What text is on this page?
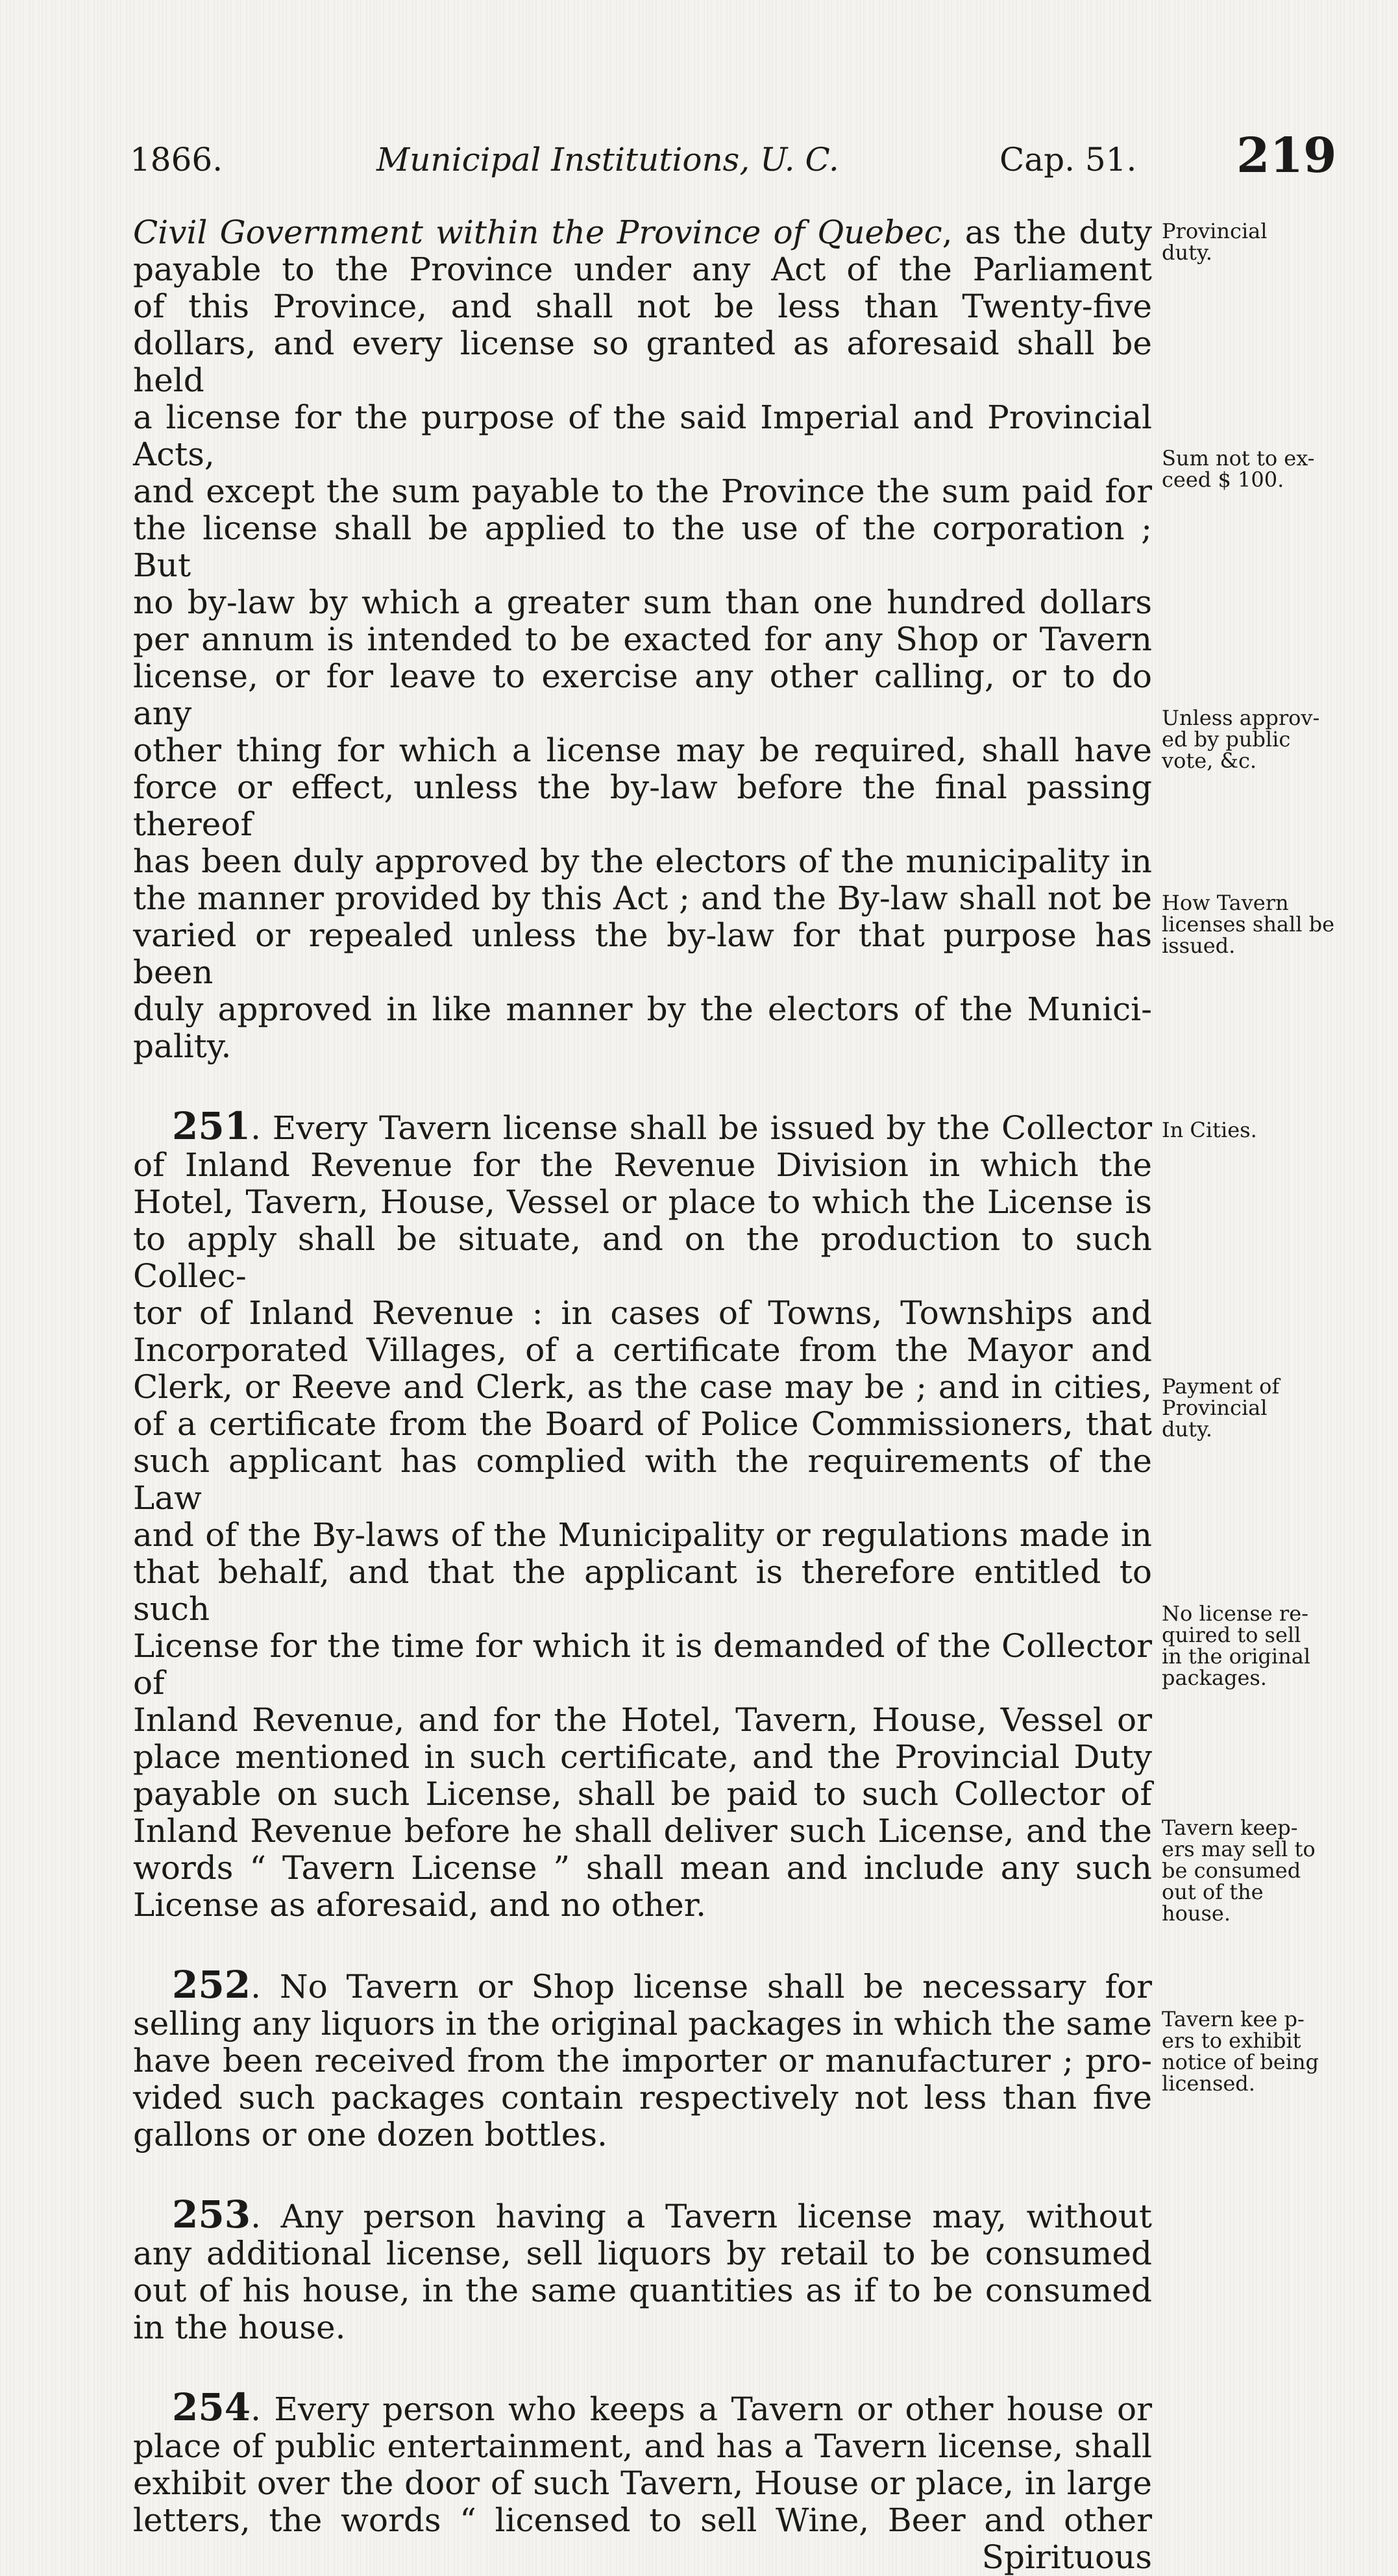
1866.	Municipal Institutions, U. C.	Cap. 51. 219

Civil Government within the Province of Quebec, as the duty

payable to the Province under any Act of the Parliament

of this Province, and shall not be less than Twenty-five

dollars, and every license so granted as aforesaid shall be held

a license for the purpose of the said Imperial and Provincial Acts,

and except the sum payable to the Province the sum paid for

the license shall be applied to the use of the corporation ; But

no by-law by which a greater sum than one hundred dollars

per annum is intended to be exacted for any Shop or Tavern

license, or for leave to exercise any other calling, or to do any

other thing for which a license may be required, shall have

force or effect, unless the by-law before the final passing thereof

has been duly approved by the electors of the municipality in

the manner provided by this Act ; and the By-law shall not be

varied or repealed unless the by-law for that purpose has been

duly approved in like manner by the electors of the Munici-

pality.

251. Every Tavern license shall be issued by the Collector

of Inland Revenue for the Revenue Division in which the

Hotel, Tavern, House, Vessel or place to which the License is

to apply shall be situate, and on the production to such Collec-

tor of Inland Revenue : in cases of Towns, Townships and

Incorporated Villages, of a certificate from the Mayor and

Clerk, or Reeve and Clerk, as the case may be ; and in cities,

of a certificate from the Board of Police Commissioners, that

such applicant has complied with the requirements of the Law

and of the By-laws of the Municipality or regulations made in

that behalf, and that the applicant is therefore entitled to such

License for the time for which it is demanded of the Collector of

Inland Revenue, and for the Hotel, Tavern, House, Vessel or

place mentioned in such certificate, and the Provincial Duty

payable on such License, shall be paid to such Collector of

Inland Revenue before he shall deliver such License, and the

words “ Tavern License ” shall mean and include any such

License as aforesaid, and no other.

252. No Tavern or Shop license shall be necessary for

selling any liquors in the original packages in which the same

have been received from the importer or manufacturer ; pro-

vided such packages contain respectively not less than five

gallons or one dozen bottles.

253. Any person having a Tavern license may, without

any additional license, sell liquors by retail to be consumed

out of his house, in the same quantities as if to be consumed

in the house.

254. Every person who keeps a Tavern or other house or

place of public entertainment, and has a Tavern license, shall

exhibit over the door of such Tavern, House or place, in large

letters, the words “ licensed to sell Wine, Beer and other

Spirituous

Provincial
duty.
Sum not to ex-
ceed $ 100.
Unless approv-
ed by public
vote, &c.
How Tavern
licenses shall be
issued.
In Cities.
Payment of
Provincial
duty.
No license re-
quired to sell
in the original
packages.
Tavern keep-
ers may sell to
be consumed
out of the
house.
Tavern kee p-
ers to exhibit
notice of being
licensed.
